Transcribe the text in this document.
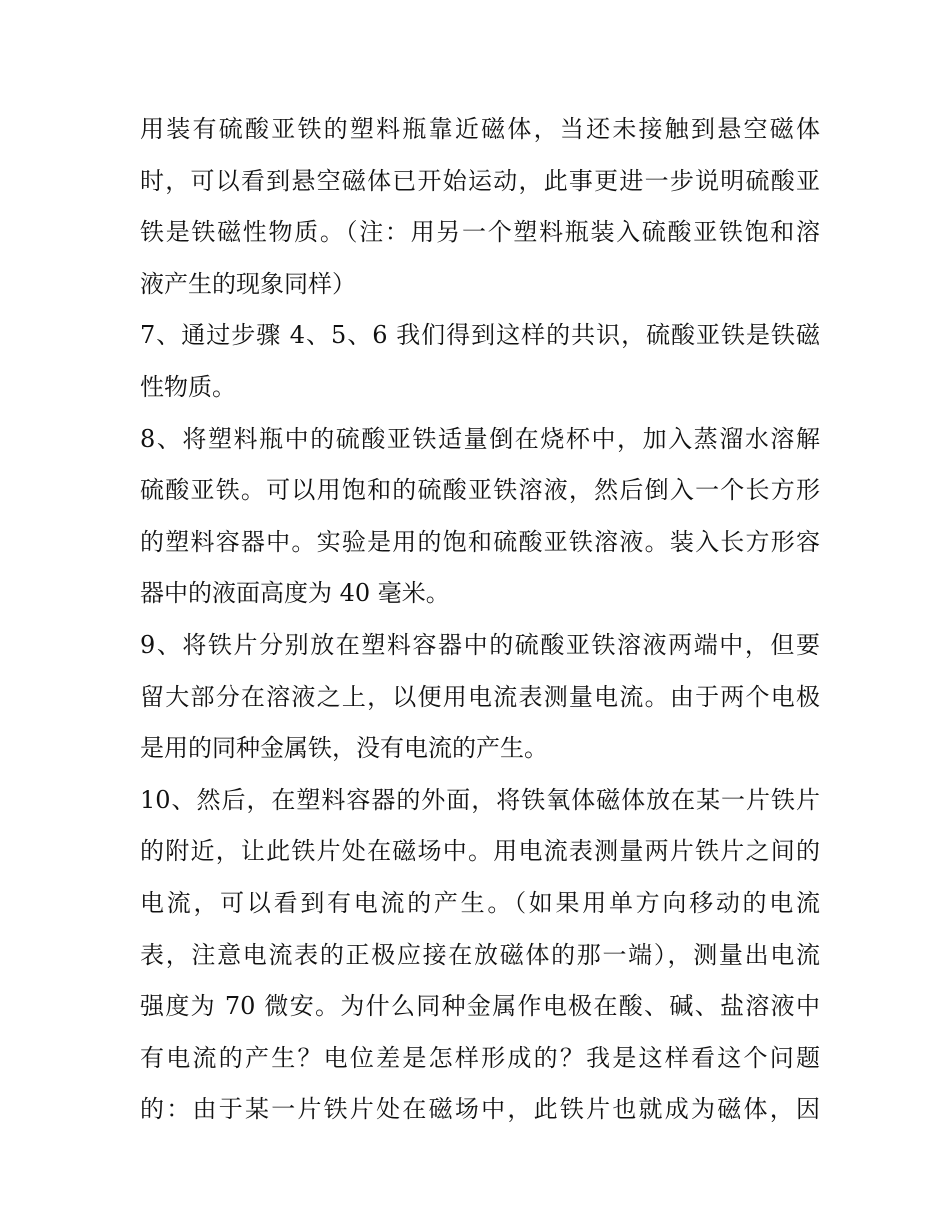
用装有硫酸亚铁的塑料瓶靠近磁体，当还未接触到悬空磁体
时，可以看到悬空磁体已开始运动，此事更进一步说明硫酸亚
铁是铁磁性物质。（注：用另一个塑料瓶装入硫酸亚铁饱和溶
液产生的现象同样）
7、通过步骤 4、5、6 我们得到这样的共识，硫酸亚铁是铁磁
性物质。
8、将塑料瓶中的硫酸亚铁适量倒在烧杯中，加入蒸溜水溶解
硫酸亚铁。可以用饱和的硫酸亚铁溶液，然后倒入一个长方形
的塑料容器中。实验是用的饱和硫酸亚铁溶液。装入长方形容
器中的液面高度为 40 毫米。
9、将铁片分别放在塑料容器中的硫酸亚铁溶液两端中，但要
留大部分在溶液之上，以便用电流表测量电流。由于两个电极
是用的同种金属铁，没有电流的产生。
10、然后，在塑料容器的外面，将铁氧体磁体放在某一片铁片
的附近，让此铁片处在磁场中。用电流表测量两片铁片之间的
电流，可以看到有电流的产生。（如果用单方向移动的电流
表，注意电流表的正极应接在放磁体的那一端），测量出电流
强度为 70 微安。为什么同种金属作电极在酸、碱、盐溶液中
有电流的产生？电位差是怎样形成的？我是这样看这个问题
的：由于某一片铁片处在磁场中，此铁片也就成为磁体，因
